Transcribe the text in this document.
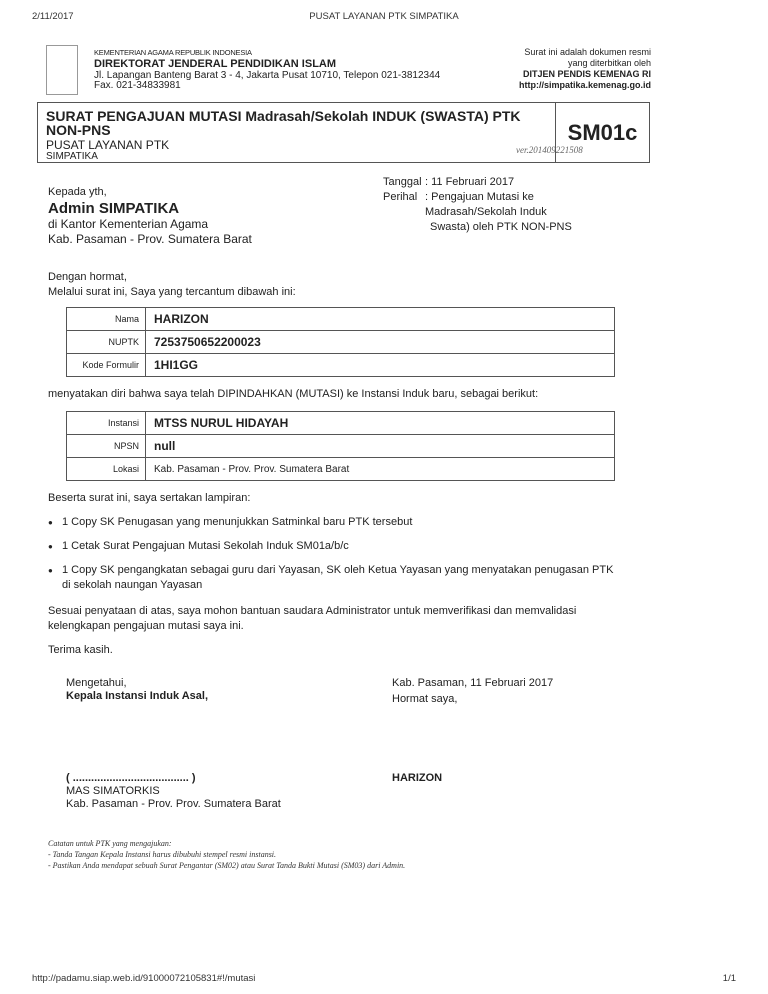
2/11/2017	PUSAT LAYANAN PTK SIMPATIKA
KEMENTERIAN AGAMA REPUBLIK INDONESIA
DIREKTORAT JENDERAL PENDIDIKAN ISLAM
Jl. Lapangan Banteng Barat 3 - 4, Jakarta Pusat 10710, Telepon 021-3812344
Fax. 021-34833981
Surat ini adalah dokumen resmi
yang diterbitkan oleh
DITJEN PENDIS KEMENAG RI
http://simpatika.kemenag.go.id
SURAT PENGAJUAN MUTASI Madrasah/Sekolah INDUK (SWASTA) PTK NON-PNS
PUSAT LAYANAN PTK
SIMPATIKA
ver.201409221508
SM01c
Tanggal : 11 Februari 2017
Perihal : Pengajuan Mutasi ke
Madrasah/Sekolah Induk
Swasta) oleh PTK NON-PNS
Kepada yth,
Admin SIMPATIKA
di Kantor Kementerian Agama
Kab. Pasaman - Prov. Sumatera Barat
Dengan hormat,
Melalui surat ini, Saya yang tercantum dibawah ini:
Nama	HARIZON
NUPTK	7253750652200023
Kode Formulir	1HI1GG
menyatakan diri bahwa saya telah DIPINDAHKAN (MUTASI) ke Instansi Induk baru, sebagai berikut:
Instansi	MTSS NURUL HIDAYAH
NPSN	null
Lokasi	Kab. Pasaman - Prov. Prov. Sumatera Barat
Beserta surat ini, saya sertakan lampiran:
● 1 Copy SK Penugasan yang menunjukkan Satminkal baru PTK tersebut
● 1 Cetak Surat Pengajuan Mutasi Sekolah Induk SM01a/b/c
● 1 Copy SK pengangkatan sebagai guru dari Yayasan, SK oleh Ketua Yayasan yang menyatakan penugasan PTK
di sekolah naungan Yayasan
Sesuai penyataan di atas, saya mohon bantuan saudara Administrator untuk memverifikasi dan memvalidasi
kelengkapan pengajuan mutasi saya ini.
Terima kasih.
Mengetahui,
Kepala Instansi Induk Asal,
( ...................................... )
MAS SIMATORKIS
Kab. Pasaman - Prov. Prov. Sumatera Barat
Kab. Pasaman, 11 Februari 2017
Hormat saya,
HARIZON
Catatan untuk PTK yang mengajukan:
- Tanda Tangan Kepala Instansi harus dibubuhi stempel resmi instansi.
- Pastikan Anda mendapat sebuah Surat Pengantar (SM02) atau Surat Tanda Bukti Mutasi (SM03) dari Admin.
http://padamu.siap.web.id/91000072105831#!/mutasi	1/1
